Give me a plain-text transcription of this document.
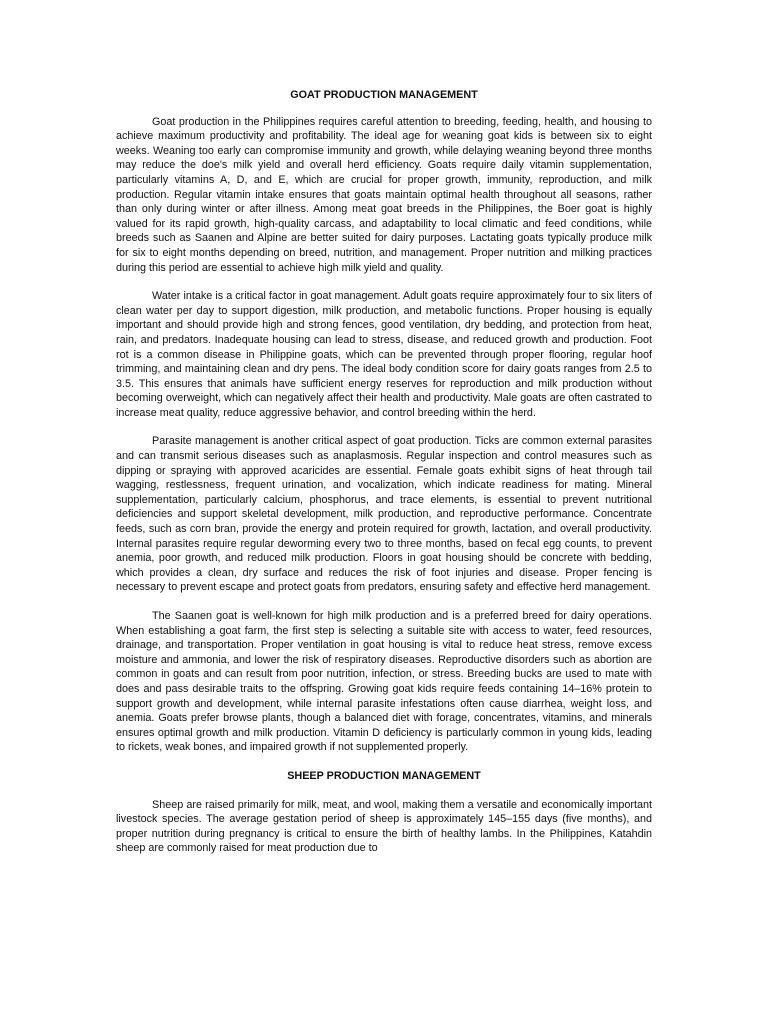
GOAT PRODUCTION MANAGEMENT

Goat production in the Philippines requires careful attention to breeding, feeding, health, and housing to achieve maximum productivity and profitability. The ideal age for weaning goat kids is between six to eight weeks. Weaning too early can compromise immunity and growth, while delaying weaning beyond three months may reduce the doe's milk yield and overall herd efficiency. Goats require daily vitamin supplementation, particularly vitamins A, D, and E, which are crucial for proper growth, immunity, reproduction, and milk production. Regular vitamin intake ensures that goats maintain optimal health throughout all seasons, rather than only during winter or after illness. Among meat goat breeds in the Philippines, the Boer goat is highly valued for its rapid growth, high-quality carcass, and adaptability to local climatic and feed conditions, while breeds such as Saanen and Alpine are better suited for dairy purposes. Lactating goats typically produce milk for six to eight months depending on breed, nutrition, and management. Proper nutrition and milking practices during this period are essential to achieve high milk yield and quality.

Water intake is a critical factor in goat management. Adult goats require approximately four to six liters of clean water per day to support digestion, milk production, and metabolic functions. Proper housing is equally important and should provide high and strong fences, good ventilation, dry bedding, and protection from heat, rain, and predators. Inadequate housing can lead to stress, disease, and reduced growth and production. Foot rot is a common disease in Philippine goats, which can be prevented through proper flooring, regular hoof trimming, and maintaining clean and dry pens. The ideal body condition score for dairy goats ranges from 2.5 to 3.5. This ensures that animals have sufficient energy reserves for reproduction and milk production without becoming overweight, which can negatively affect their health and productivity. Male goats are often castrated to increase meat quality, reduce aggressive behavior, and control breeding within the herd.

Parasite management is another critical aspect of goat production. Ticks are common external parasites and can transmit serious diseases such as anaplasmosis. Regular inspection and control measures such as dipping or spraying with approved acaricides are essential. Female goats exhibit signs of heat through tail wagging, restlessness, frequent urination, and vocalization, which indicate readiness for mating. Mineral supplementation, particularly calcium, phosphorus, and trace elements, is essential to prevent nutritional deficiencies and support skeletal development, milk production, and reproductive performance. Concentrate feeds, such as corn bran, provide the energy and protein required for growth, lactation, and overall productivity. Internal parasites require regular deworming every two to three months, based on fecal egg counts, to prevent anemia, poor growth, and reduced milk production. Floors in goat housing should be concrete with bedding, which provides a clean, dry surface and reduces the risk of foot injuries and disease. Proper fencing is necessary to prevent escape and protect goats from predators, ensuring safety and effective herd management.

The Saanen goat is well-known for high milk production and is a preferred breed for dairy operations. When establishing a goat farm, the first step is selecting a suitable site with access to water, feed resources, drainage, and transportation. Proper ventilation in goat housing is vital to reduce heat stress, remove excess moisture and ammonia, and lower the risk of respiratory diseases. Reproductive disorders such as abortion are common in goats and can result from poor nutrition, infection, or stress. Breeding bucks are used to mate with does and pass desirable traits to the offspring. Growing goat kids require feeds containing 14–16% protein to support growth and development, while internal parasite infestations often cause diarrhea, weight loss, and anemia. Goats prefer browse plants, though a balanced diet with forage, concentrates, vitamins, and minerals ensures optimal growth and milk production. Vitamin D deficiency is particularly common in young kids, leading to rickets, weak bones, and impaired growth if not supplemented properly.

SHEEP PRODUCTION MANAGEMENT

Sheep are raised primarily for milk, meat, and wool, making them a versatile and economically important livestock species. The average gestation period of sheep is approximately 145–155 days (five months), and proper nutrition during pregnancy is critical to ensure the birth of healthy lambs. In the Philippines, Katahdin sheep are commonly raised for meat production due to
